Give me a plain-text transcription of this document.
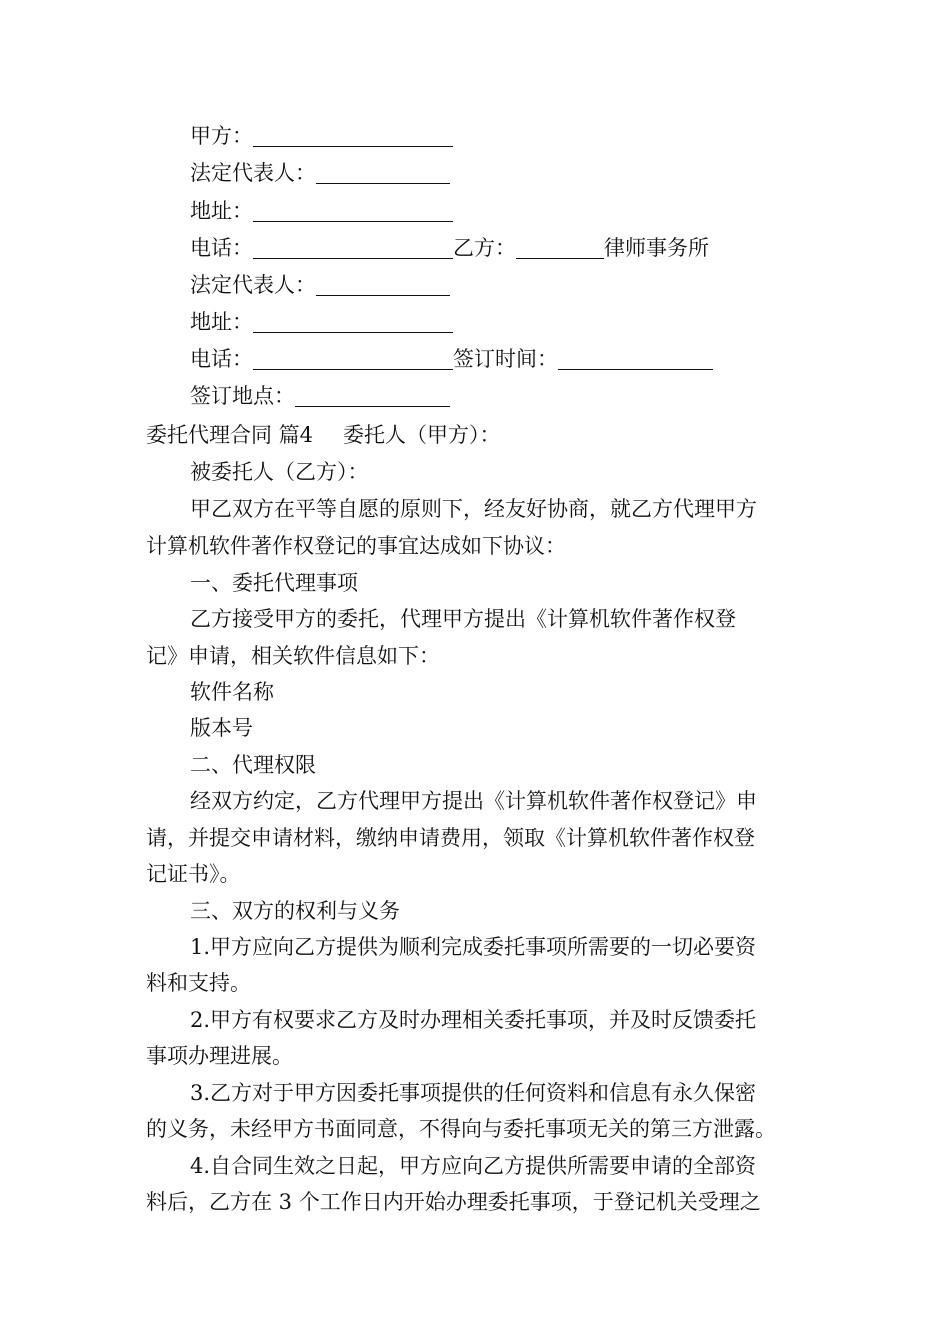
甲方：
法定代表人：
地址：
电话：	乙方：	律师事务所
法定代表人：
地址：
电话：	签订时间：
签订地点：
委托代理合同 篇4 委托人（甲方）：
被委托人（乙方）：
甲乙双方在平等自愿的原则下，经友好协商，就乙方代理甲方
计算机软件著作权登记的事宜达成如下协议：
一、委托代理事项
乙方接受甲方的委托，代理甲方提出《计算机软件著作权登
记》申请，相关软件信息如下：
软件名称
版本号
二、代理权限
经双方约定，乙方代理甲方提出《计算机软件著作权登记》申
请，并提交申请材料，缴纳申请费用，领取《计算机软件著作权登
记证书》。
三、双方的权利与义务
1.甲方应向乙方提供为顺利完成委托事项所需要的一切必要资
料和支持。
2.甲方有权要求乙方及时办理相关委托事项，并及时反馈委托
事项办理进展。
3.乙方对于甲方因委托事项提供的任何资料和信息有永久保密
的义务，未经甲方书面同意，不得向与委托事项无关的第三方泄露。
4.自合同生效之日起，甲方应向乙方提供所需要申请的全部资
料后，乙方在 3 个工作日内开始办理委托事项，于登记机关受理之
